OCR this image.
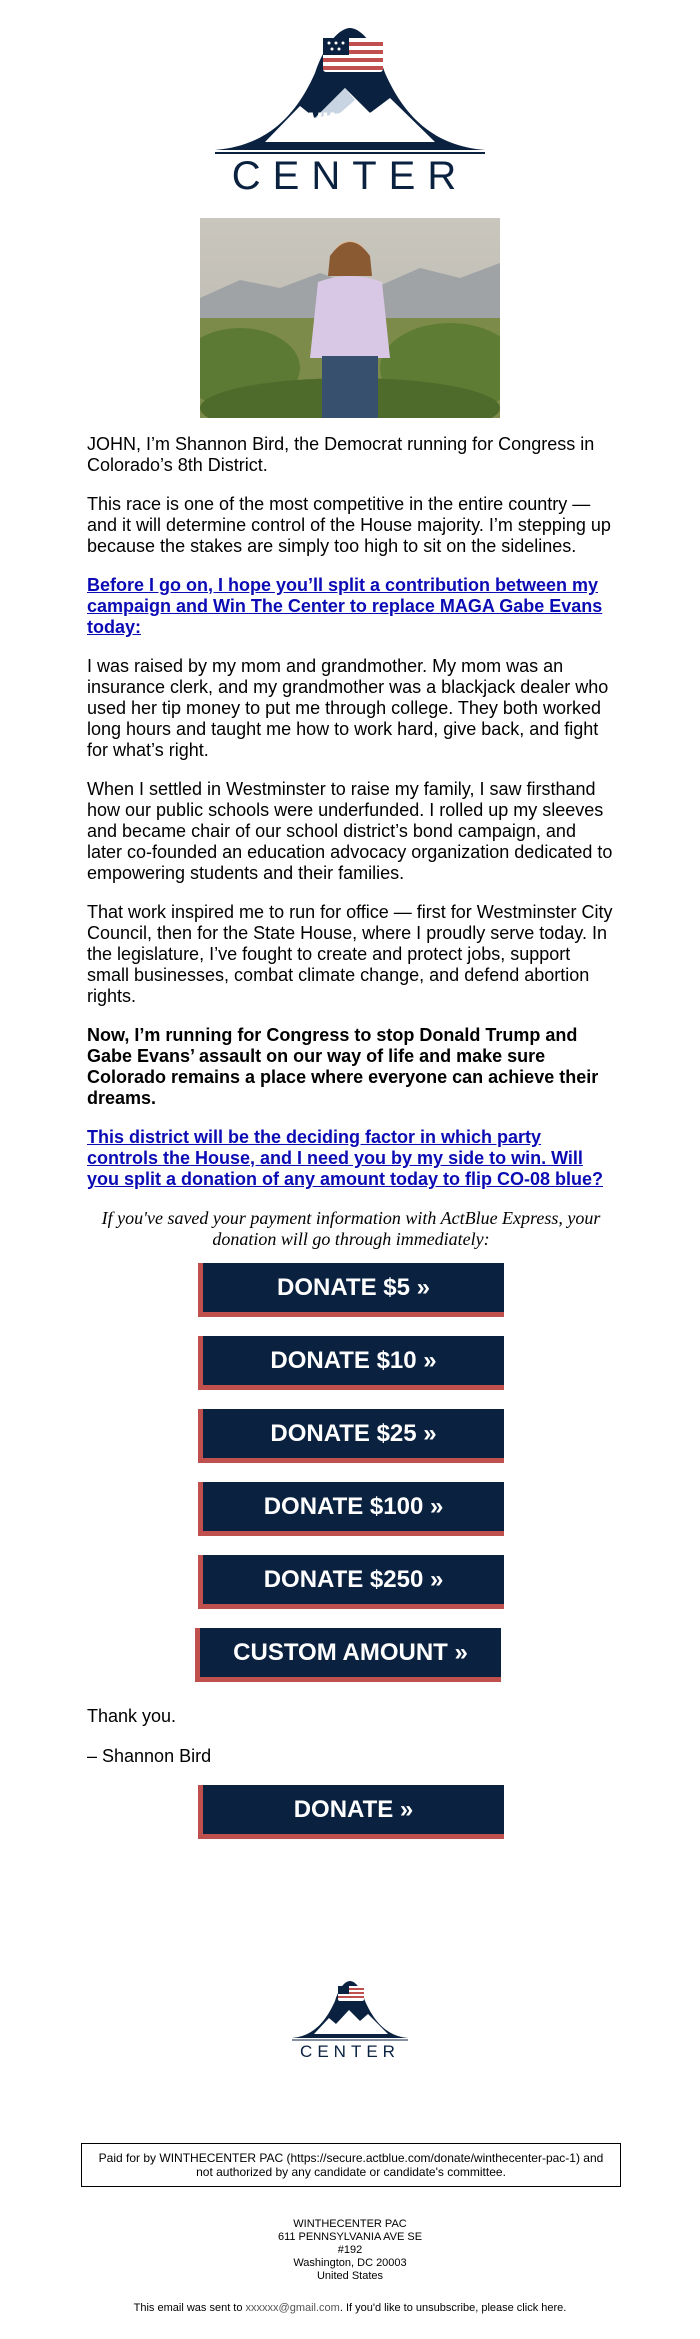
WIN THE
CENTER

JOHN, I’m Shannon Bird, the Democrat running for Congress in Colorado’s 8th District.

This race is one of the most competitive in the entire country — and it will determine control of the House majority. I’m stepping up because the stakes are simply too high to sit on the sidelines.

Before I go on, I hope you’ll split a contribution between my campaign and Win The Center to replace MAGA Gabe Evans today:

I was raised by my mom and grandmother. My mom was an insurance clerk, and my grandmother was a blackjack dealer who used her tip money to put me through college. They both worked long hours and taught me how to work hard, give back, and fight for what’s right.

When I settled in Westminster to raise my family, I saw firsthand how our public schools were underfunded. I rolled up my sleeves and became chair of our school district’s bond campaign, and later co-founded an education advocacy organization dedicated to empowering students and their families.

That work inspired me to run for office — first for Westminster City Council, then for the State House, where I proudly serve today. In the legislature, I’ve fought to create and protect jobs, support small businesses, combat climate change, and defend abortion rights.

Now, I’m running for Congress to stop Donald Trump and Gabe Evans’ assault on our way of life and make sure Colorado remains a place where everyone can achieve their dreams.

This district will be the deciding factor in which party controls the House, and I need you by my side to win. Will you split a donation of any amount today to flip CO-08 blue?

If you've saved your payment information with ActBlue Express, your donation will go through immediately:

DONATE $5 »
DONATE $10 »
DONATE $25 »
DONATE $100 »
DONATE $250 »
CUSTOM AMOUNT »
Thank you.
– Shannon Bird
DONATE »
WIN THE
CENTER
Paid for by WINTHECENTER PAC (https://secure.actblue.com/donate/winthecenter-pac-1) and not authorized by any candidate or candidate's committee.
WINTHECENTER PAC
611 PENNSYLVANIA AVE SE
#192
Washington, DC 20003
United States
This email was sent to xxxxxx@gmail.com. If you'd like to unsubscribe, please click here.
